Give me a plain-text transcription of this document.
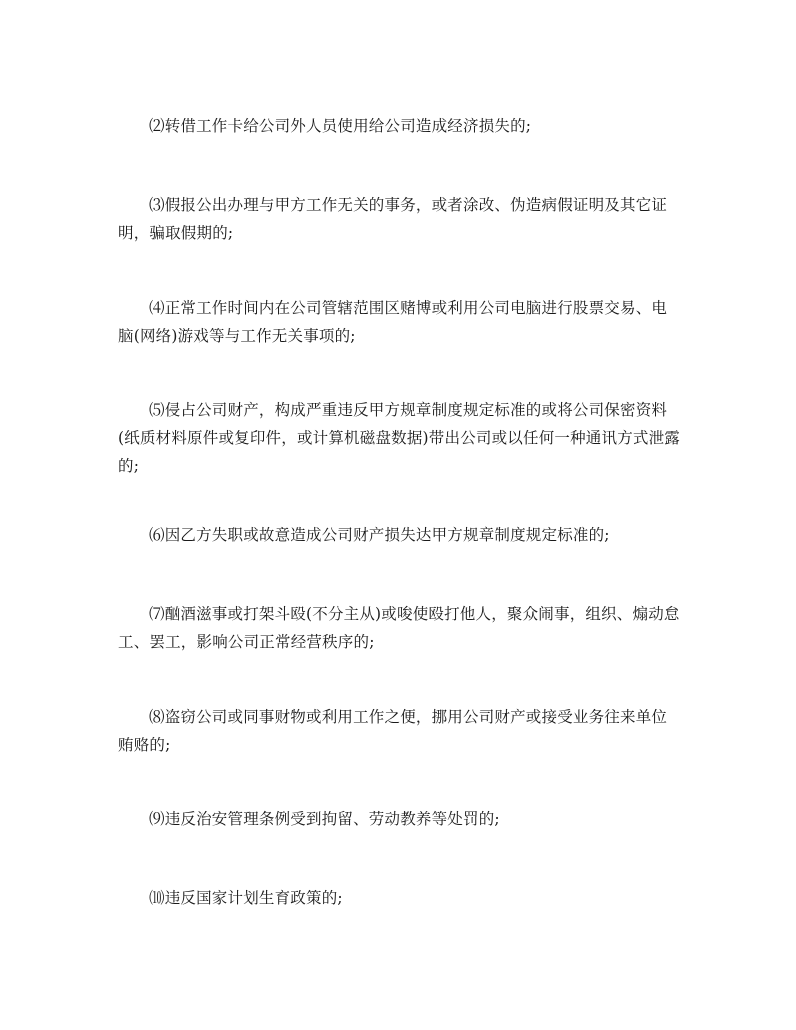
⑵转借工作卡给公司外人员使用给公司造成经济损失的;

⑶假报公出办理与甲方工作无关的事务，或者涂改、伪造病假证明及其它证明，骗取假期的;

⑷正常工作时间内在公司管辖范围区赌博或利用公司电脑进行股票交易、电脑(网络)游戏等与工作无关事项的;

⑸侵占公司财产，构成严重违反甲方规章制度规定标准的或将公司保密资料(纸质材料原件或复印件，或计算机磁盘数据)带出公司或以任何一种通讯方式泄露的;

⑹因乙方失职或故意造成公司财产损失达甲方规章制度规定标准的;

⑺酗酒滋事或打架斗殴(不分主从)或唆使殴打他人，聚众闹事，组织、煽动怠工、罢工，影响公司正常经营秩序的;

⑻盗窃公司或同事财物或利用工作之便，挪用公司财产或接受业务往来单位贿赂的;

⑼违反治安管理条例受到拘留、劳动教养等处罚的;

⑽违反国家计划生育政策的;
